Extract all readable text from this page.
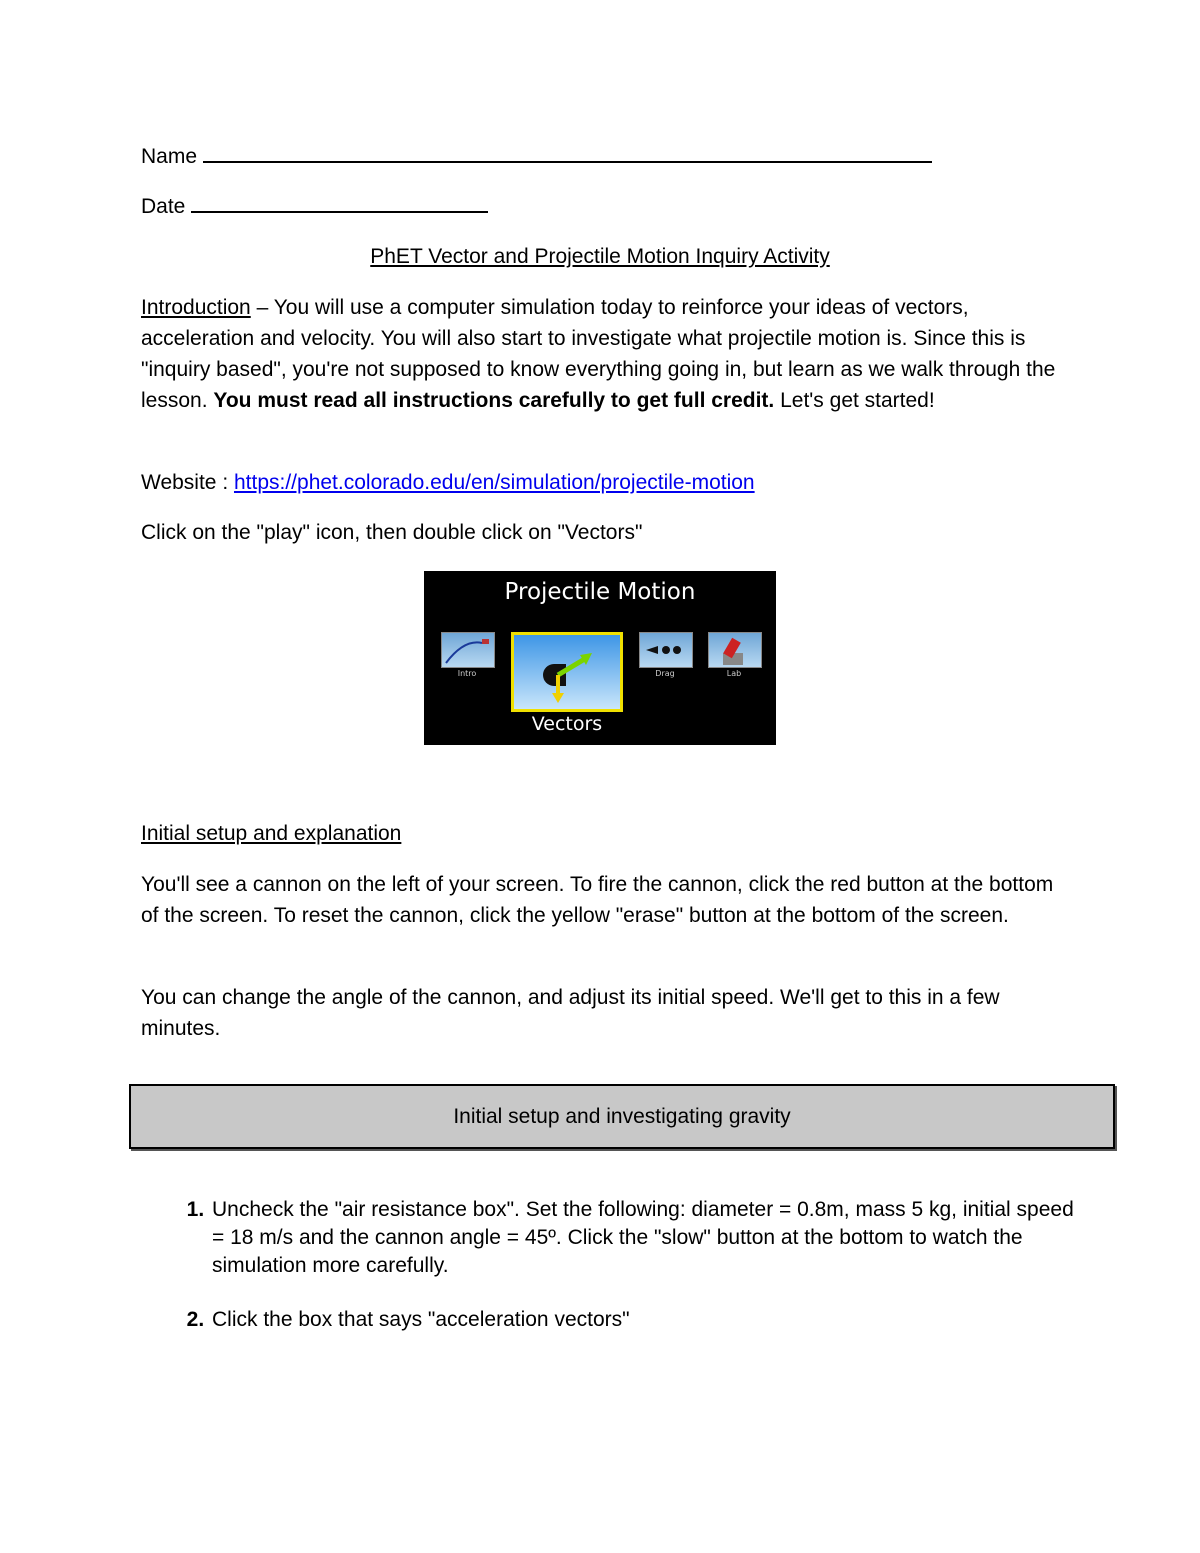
Name
Date
PhET Vector and Projectile Motion Inquiry Activity
Introduction – You will use a computer simulation today to reinforce your ideas of vectors, acceleration and velocity. You will also start to investigate what projectile motion is. Since this is "inquiry based", you're not supposed to know everything going in, but learn as we walk through the lesson. You must read all instructions carefully to get full credit. Let's get started!
Website : https://phet.colorado.edu/en/simulation/projectile-motion
Click on the "play" icon, then double click on "Vectors"
Projectile Motion
Intro
Vectors
Drag	Lab
Initial setup and explanation
You'll see a cannon on the left of your screen. To fire the cannon, click the red button at the bottom of the screen. To reset the cannon, click the yellow "erase" button at the bottom of the screen.
You can change the angle of the cannon, and adjust its initial speed. We'll get to this in a few minutes.
Initial setup and investigating gravity
1. Uncheck the "air resistance box". Set the following: diameter = 0.8m, mass 5 kg, initial speed = 18 m/s and the cannon angle = 45º. Click the "slow" button at the bottom to watch the simulation more carefully.
2. Click the box that says "acceleration vectors"
